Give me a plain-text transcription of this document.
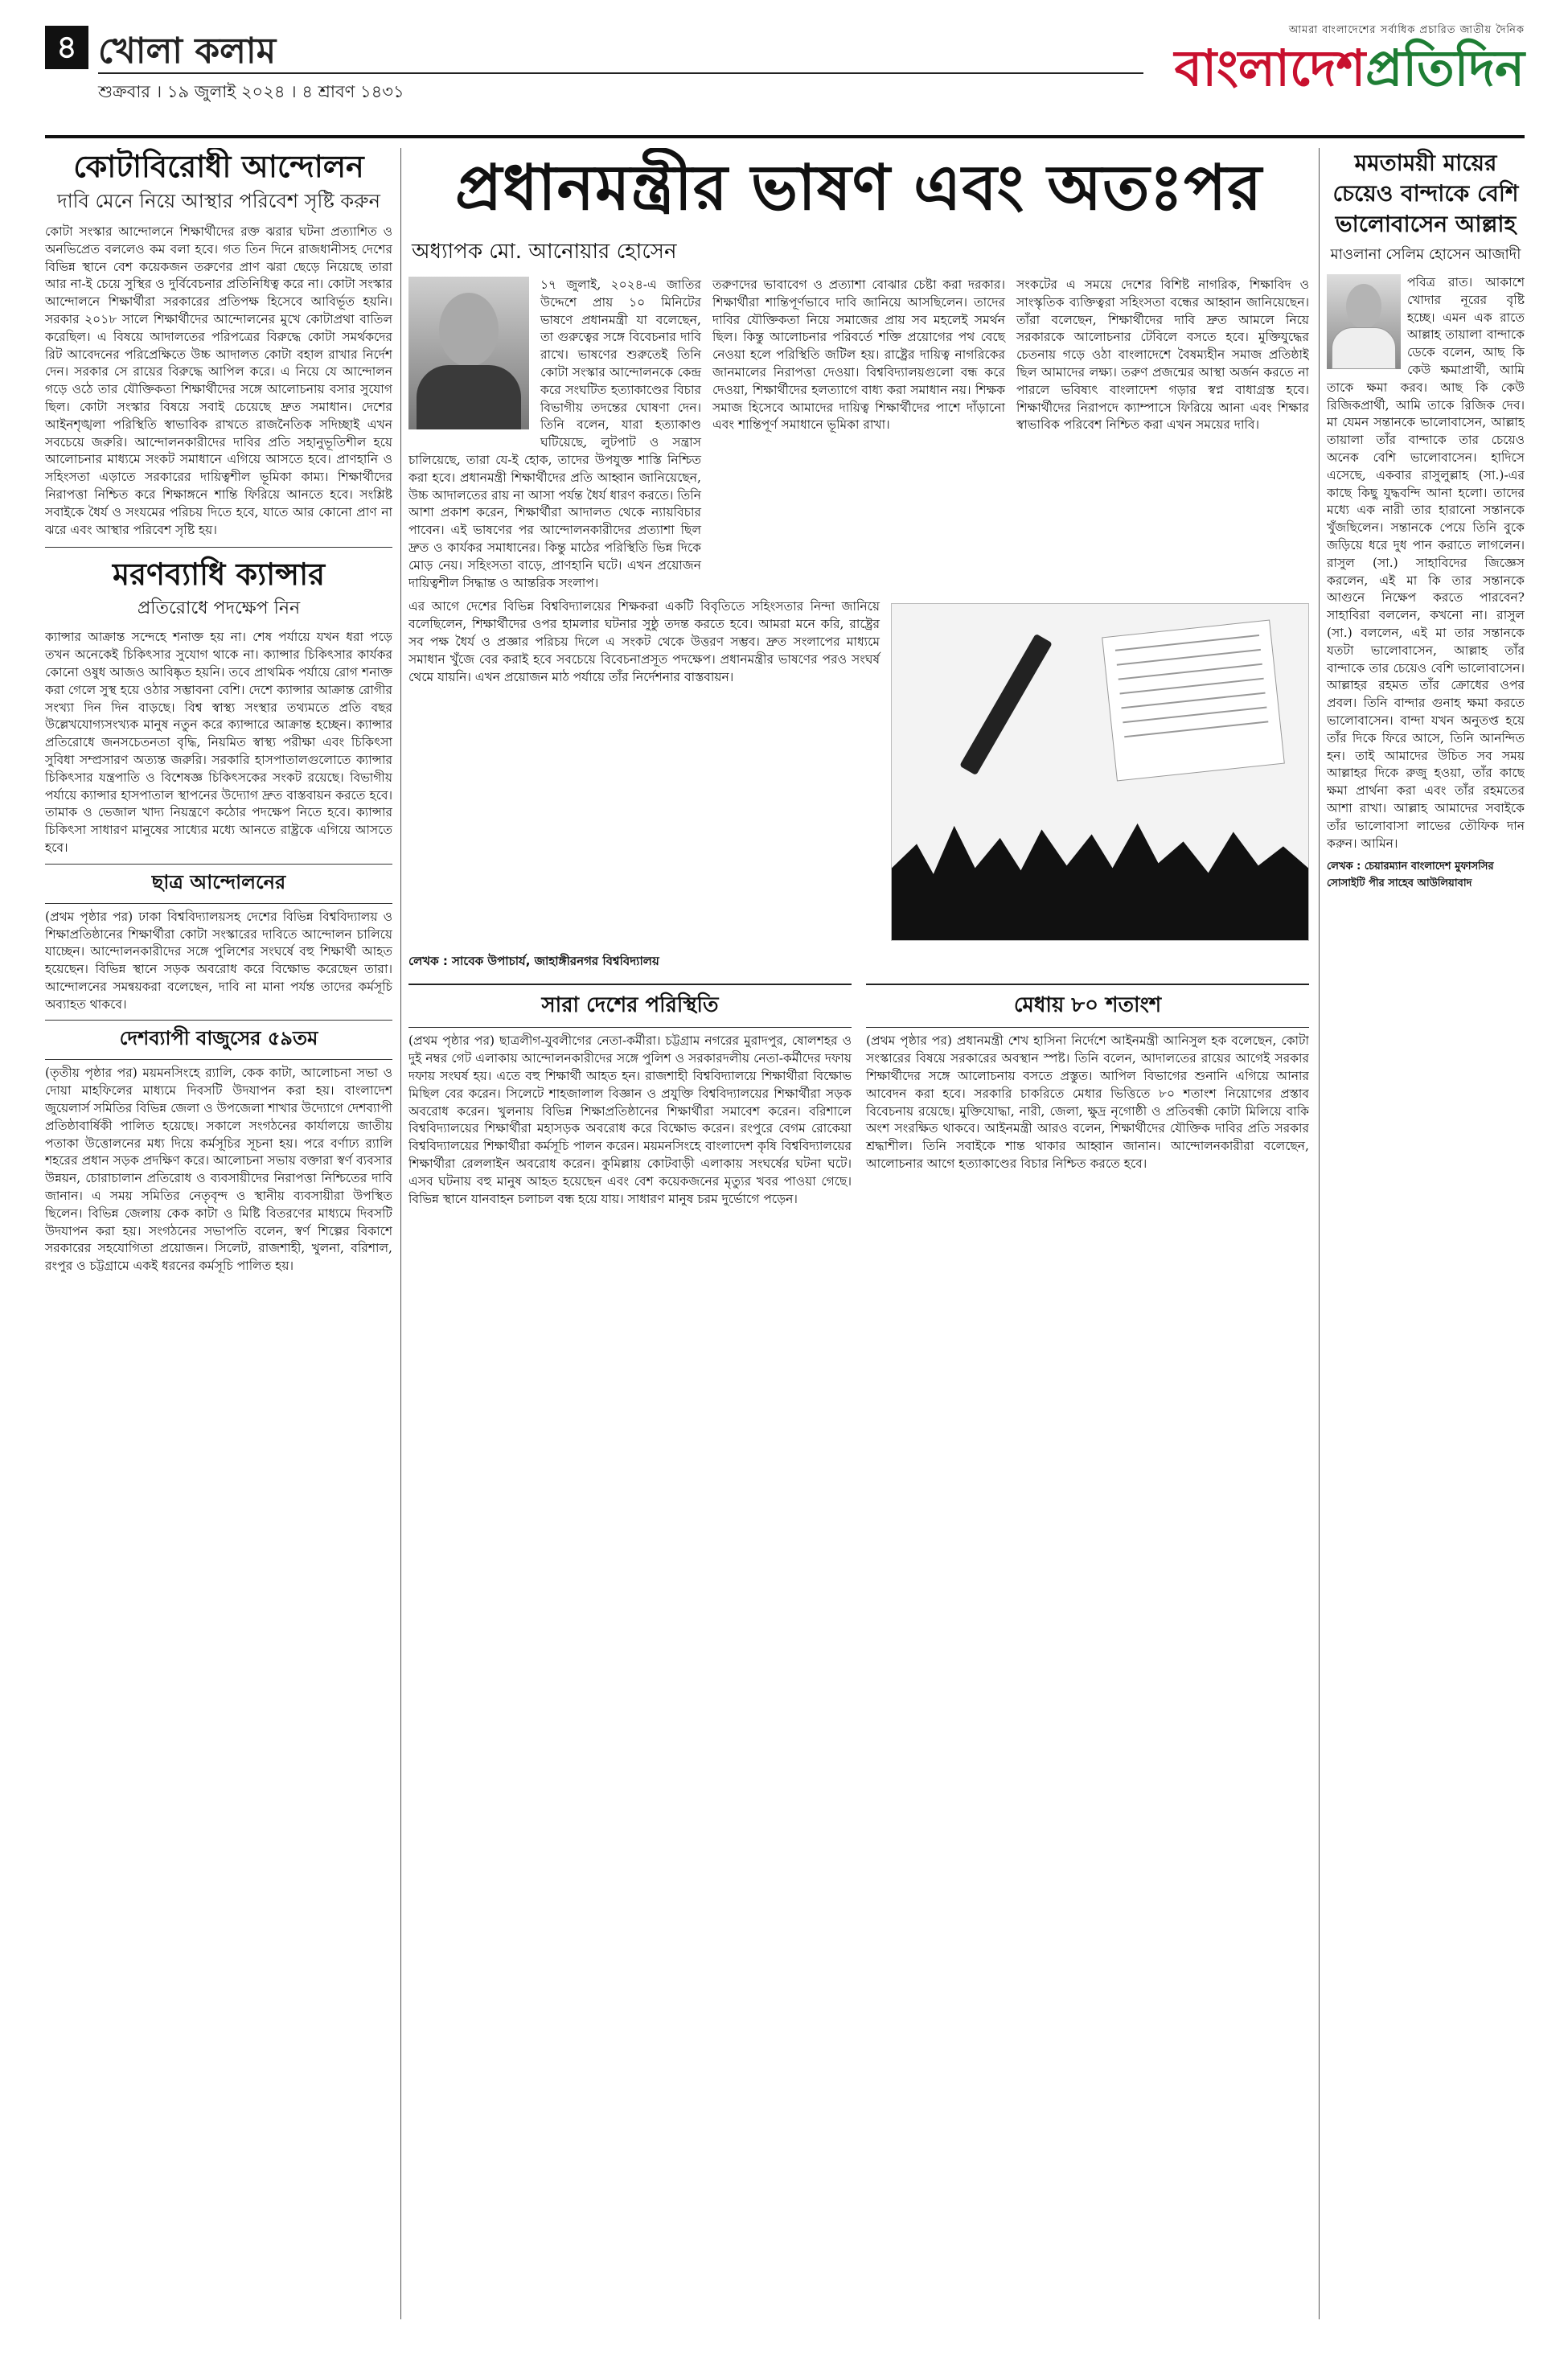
৪ খোলা কলাম
শুক্রবার । ১৯ জুলাই ২০২৪ । ৪ শ্রাবণ ১৪৩১
আমরা বাংলাদেশের সর্বাধিক প্রচারিত জাতীয় দৈনিক
বাংলাদেশপ্রতিদিন
কোটাবিরোধী আন্দোলন
দাবি মেনে নিয়ে আস্থার পরিবেশ সৃষ্টি করুন

কোটা সংস্কার আন্দোলনে শিক্ষার্থীদের রক্ত ঝরার ঘটনা প্রত্যাশিত ও অনভিপ্রেত বললেও কম বলা হবে। গত তিন দিনে রাজধানীসহ দেশের বিভিন্ন স্থানে বেশ কয়েকজন তরুণের প্রাণ ঝরা ছেড়ে নিয়েছে তারা আর না-ই চেয়ে সুস্থির ও দুর্বিবেচনার প্রতিনিধিত্ব করে না। কোটা সংস্কার আন্দোলনে শিক্ষার্থীরা সরকারের প্রতিপক্ষ হিসেবে আবির্ভূত হয়নি। সরকার ২০১৮ সালে শিক্ষার্থীদের আন্দোলনের মুখে কোটাপ্রথা বাতিল করেছিল। এ বিষয়ে আদালতের পরিপত্রের বিরুদ্ধে কোটা সমর্থকদের রিট আবেদনের পরিপ্রেক্ষিতে উচ্চ আদালত কোটা বহাল রাখার নির্দেশ দেন। সরকার সে রায়ের বিরুদ্ধে আপিল করে। এ নিয়ে যে আন্দোলন গড়ে ওঠে তার যৌক্তিকতা শিক্ষার্থীদের সঙ্গে আলোচনায় বসার সুযোগ ছিল। কোটা সংস্কার বিষয়ে সবাই চেয়েছে দ্রুত সমাধান। দেশের আইনশৃঙ্খলা পরিস্থিতি স্বাভাবিক রাখতে রাজনৈতিক সদিচ্ছাই এখন সবচেয়ে জরুরি। আন্দোলনকারীদের দাবির প্রতি সহানুভূতিশীল হয়ে আলোচনার মাধ্যমে সংকট সমাধানে এগিয়ে আসতে হবে। প্রাণহানি ও সহিংসতা এড়াতে সরকারের দায়িত্বশীল ভূমিকা কাম্য। শিক্ষার্থীদের নিরাপত্তা নিশ্চিত করে শিক্ষাঙ্গনে শান্তি ফিরিয়ে আনতে হবে। সংশ্লিষ্ট সবাইকে ধৈর্য ও সংযমের পরিচয় দিতে হবে, যাতে আর কোনো প্রাণ না ঝরে এবং আস্থার পরিবেশ সৃষ্টি হয়।

মরণব্যাধি ক্যান্সার
প্রতিরোধে পদক্ষেপ নিন

ক্যান্সার আক্রান্ত সন্দেহে শনাক্ত হয় না। শেষ পর্যায়ে যখন ধরা পড়ে তখন অনেকেই চিকিৎসার সুযোগ থাকে না। ক্যান্সার চিকিৎসার কার্যকর কোনো ওষুধ আজও আবিষ্কৃত হয়নি। তবে প্রাথমিক পর্যায়ে রোগ শনাক্ত করা গেলে সুস্থ হয়ে ওঠার সম্ভাবনা বেশি। দেশে ক্যান্সার আক্রান্ত রোগীর সংখ্যা দিন দিন বাড়ছে। বিশ্ব স্বাস্থ্য সংস্থার তথ্যমতে প্রতি বছর উল্লেখযোগ্যসংখ্যক মানুষ নতুন করে ক্যান্সারে আক্রান্ত হচ্ছেন। ক্যান্সার প্রতিরোধে জনসচেতনতা বৃদ্ধি, নিয়মিত স্বাস্থ্য পরীক্ষা এবং চিকিৎসা সুবিধা সম্প্রসারণ অত্যন্ত জরুরি। সরকারি হাসপাতালগুলোতে ক্যান্সার চিকিৎসার যন্ত্রপাতি ও বিশেষজ্ঞ চিকিৎসকের সংকট রয়েছে। বিভাগীয় পর্যায়ে ক্যান্সার হাসপাতাল স্থাপনের উদ্যোগ দ্রুত বাস্তবায়ন করতে হবে। তামাক ও ভেজাল খাদ্য নিয়ন্ত্রণে কঠোর পদক্ষেপ নিতে হবে। ক্যান্সার চিকিৎসা সাধারণ মানুষের সাধ্যের মধ্যে আনতে রাষ্ট্রকে এগিয়ে আসতে হবে।

ছাত্র আন্দোলনের

(প্রথম পৃষ্ঠার পর) ঢাকা বিশ্ববিদ্যালয়সহ দেশের বিভিন্ন বিশ্ববিদ্যালয় ও শিক্ষাপ্রতিষ্ঠানের শিক্ষার্থীরা কোটা সংস্কারের দাবিতে আন্দোলন চালিয়ে যাচ্ছেন। আন্দোলনকারীদের সঙ্গে পুলিশের সংঘর্ষে বহু শিক্ষার্থী আহত হয়েছেন। বিভিন্ন স্থানে সড়ক অবরোধ করে বিক্ষোভ করেছেন তারা। আন্দোলনের সমন্বয়করা বলেছেন, দাবি না মানা পর্যন্ত তাদের কর্মসূচি অব্যাহত থাকবে।

দেশব্যাপী বাজুসের ৫৯তম

(তৃতীয় পৃষ্ঠার পর) ময়মনসিংহে র‌্যালি, কেক কাটা, আলোচনা সভা ও দোয়া মাহফিলের মাধ্যমে দিবসটি উদযাপন করা হয়। বাংলাদেশ জুয়েলার্স সমিতির বিভিন্ন জেলা ও উপজেলা শাখার উদ্যোগে দেশব্যাপী প্রতিষ্ঠাবার্ষিকী পালিত হয়েছে। সকালে সংগঠনের কার্যালয়ে জাতীয় পতাকা উত্তোলনের মধ্য দিয়ে কর্মসূচির সূচনা হয়। পরে বর্ণাঢ্য র‌্যালি শহরের প্রধান সড়ক প্রদক্ষিণ করে। আলোচনা সভায় বক্তারা স্বর্ণ ব্যবসার উন্নয়ন, চোরাচালান প্রতিরোধ ও ব্যবসায়ীদের নিরাপত্তা নিশ্চিতের দাবি জানান। এ সময় সমিতির নেতৃবৃন্দ ও স্থানীয় ব্যবসায়ীরা উপস্থিত ছিলেন। বিভিন্ন জেলায় কেক কাটা ও মিষ্টি বিতরণের মাধ্যমে দিবসটি উদযাপন করা হয়। সংগঠনের সভাপতি বলেন, স্বর্ণ শিল্পের বিকাশে সরকারের সহযোগিতা প্রয়োজন। সিলেট, রাজশাহী, খুলনা, বরিশাল, রংপুর ও চট্টগ্রামে একই ধরনের কর্মসূচি পালিত হয়।

প্রধানমন্ত্রীর ভাষণ এবং অতঃপর
অধ্যাপক মো. আনোয়ার হোসেন

১৭ জুলাই, ২০২৪-এ জাতির উদ্দেশে প্রায় ১০ মিনিটের ভাষণে প্রধানমন্ত্রী যা বলেছেন, তা গুরুত্বের সঙ্গে বিবেচনার দাবি রাখে। ভাষণের শুরুতেই তিনি কোটা সংস্কার আন্দোলনকে কেন্দ্র করে সংঘটিত হত্যাকাণ্ডের বিচার বিভাগীয় তদন্তের ঘোষণা দেন। তিনি বলেন, যারা হত্যাকাণ্ড ঘটিয়েছে, লুটপাট ও সন্ত্রাস চালিয়েছে, তারা যে-ই হোক, তাদের উপযুক্ত শাস্তি নিশ্চিত করা হবে। প্রধানমন্ত্রী শিক্ষার্থীদের প্রতি আহ্বান জানিয়েছেন, উচ্চ আদালতের রায় না আসা পর্যন্ত ধৈর্য ধারণ করতে। তিনি আশা প্রকাশ করেন, শিক্ষার্থীরা আদালত থেকে ন্যায়বিচার পাবেন। এই ভাষণের পর আন্দোলনকারীদের প্রত্যাশা ছিল দ্রুত ও কার্যকর সমাধানের। কিন্তু মাঠের পরিস্থিতি ভিন্ন দিকে মোড় নেয়। সহিংসতা বাড়ে, প্রাণহানি ঘটে। এখন প্রয়োজন দায়িত্বশীল সিদ্ধান্ত ও আন্তরিক সংলাপ।

তরুণদের ভাবাবেগ ও প্রত্যাশা বোঝার চেষ্টা করা দরকার। শিক্ষার্থীরা শান্তিপূর্ণভাবে দাবি জানিয়ে আসছিলেন। তাদের দাবির যৌক্তিকতা নিয়ে সমাজের প্রায় সব মহলেই সমর্থন ছিল। কিন্তু আলোচনার পরিবর্তে শক্তি প্রয়োগের পথ বেছে নেওয়া হলে পরিস্থিতি জটিল হয়। রাষ্ট্রের দায়িত্ব নাগরিকের জানমালের নিরাপত্তা দেওয়া। বিশ্ববিদ্যালয়গুলো বন্ধ করে দেওয়া, শিক্ষার্থীদের হলত্যাগে বাধ্য করা সমাধান নয়। শিক্ষক সমাজ হিসেবে আমাদের দায়িত্ব শিক্ষার্থীদের পাশে দাঁড়ানো এবং শান্তিপূর্ণ সমাধানে ভূমিকা রাখা।

সংকটের এ সময়ে দেশের বিশিষ্ট নাগরিক, শিক্ষাবিদ ও সাংস্কৃতিক ব্যক্তিত্বরা সহিংসতা বন্ধের আহ্বান জানিয়েছেন। তাঁরা বলেছেন, শিক্ষার্থীদের দাবি দ্রুত আমলে নিয়ে সরকারকে আলোচনার টেবিলে বসতে হবে। মুক্তিযুদ্ধের চেতনায় গড়ে ওঠা বাংলাদেশে বৈষম্যহীন সমাজ প্রতিষ্ঠাই ছিল আমাদের লক্ষ্য। তরুণ প্রজন্মের আস্থা অর্জন করতে না পারলে ভবিষ্যৎ বাংলাদেশ গড়ার স্বপ্ন বাধাগ্রস্ত হবে। শিক্ষার্থীদের নিরাপদে ক্যাম্পাসে ফিরিয়ে আনা এবং শিক্ষার স্বাভাবিক পরিবেশ নিশ্চিত করা এখন সময়ের দাবি।

এর আগে দেশের বিভিন্ন বিশ্ববিদ্যালয়ের শিক্ষকরা একটি বিবৃতিতে সহিংসতার নিন্দা জানিয়ে বলেছিলেন, শিক্ষার্থীদের ওপর হামলার ঘটনার সুষ্ঠু তদন্ত করতে হবে। আমরা মনে করি, রাষ্ট্রের সব পক্ষ ধৈর্য ও প্রজ্ঞার পরিচয় দিলে এ সংকট থেকে উত্তরণ সম্ভব। দ্রুত সংলাপের মাধ্যমে সমাধান খুঁজে বের করাই হবে সবচেয়ে বিবেচনাপ্রসূত পদক্ষেপ। প্রধানমন্ত্রীর ভাষণের পরও সংঘর্ষ থেমে যায়নি। এখন প্রয়োজন মাঠ পর্যায়ে তাঁর নির্দেশনার বাস্তবায়ন।

লেখক : সাবেক উপাচার্য, জাহাঙ্গীরনগর বিশ্ববিদ্যালয়
সারা দেশের পরিস্থিতি

(প্রথম পৃষ্ঠার পর) ছাত্রলীগ-যুবলীগের নেতা-কর্মীরা। চট্টগ্রাম নগরের মুরাদপুর, ষোলশহর ও দুই নম্বর গেট এলাকায় আন্দোলনকারীদের সঙ্গে পুলিশ ও সরকারদলীয় নেতা-কর্মীদের দফায় দফায় সংঘর্ষ হয়। এতে বহু শিক্ষার্থী আহত হন। রাজশাহী বিশ্ববিদ্যালয়ে শিক্ষার্থীরা বিক্ষোভ মিছিল বের করেন। সিলেটে শাহজালাল বিজ্ঞান ও প্রযুক্তি বিশ্ববিদ্যালয়ের শিক্ষার্থীরা সড়ক অবরোধ করেন। খুলনায় বিভিন্ন শিক্ষাপ্রতিষ্ঠানের শিক্ষার্থীরা সমাবেশ করেন। বরিশালে বিশ্ববিদ্যালয়ের শিক্ষার্থীরা মহাসড়ক অবরোধ করে বিক্ষোভ করেন। রংপুরে বেগম রোকেয়া বিশ্ববিদ্যালয়ের শিক্ষার্থীরা কর্মসূচি পালন করেন। ময়মনসিংহে বাংলাদেশ কৃষি বিশ্ববিদ্যালয়ের শিক্ষার্থীরা রেললাইন অবরোধ করেন। কুমিল্লায় কোটবাড়ী এলাকায় সংঘর্ষের ঘটনা ঘটে। এসব ঘটনায় বহু মানুষ আহত হয়েছেন এবং বেশ কয়েকজনের মৃত্যুর খবর পাওয়া গেছে। বিভিন্ন স্থানে যানবাহন চলাচল বন্ধ হয়ে যায়। সাধারণ মানুষ চরম দুর্ভোগে পড়েন।

মেধায় ৮০ শতাংশ

(প্রথম পৃষ্ঠার পর) প্রধানমন্ত্রী শেখ হাসিনা নির্দেশে আইনমন্ত্রী আনিসুল হক বলেছেন, কোটা সংস্কারের বিষয়ে সরকারের অবস্থান স্পষ্ট। তিনি বলেন, আদালতের রায়ের আগেই সরকার শিক্ষার্থীদের সঙ্গে আলোচনায় বসতে প্রস্তুত। আপিল বিভাগের শুনানি এগিয়ে আনার আবেদন করা হবে। সরকারি চাকরিতে মেধার ভিত্তিতে ৮০ শতাংশ নিয়োগের প্রস্তাব বিবেচনায় রয়েছে। মুক্তিযোদ্ধা, নারী, জেলা, ক্ষুদ্র নৃগোষ্ঠী ও প্রতিবন্ধী কোটা মিলিয়ে বাকি অংশ সংরক্ষিত থাকবে। আইনমন্ত্রী আরও বলেন, শিক্ষার্থীদের যৌক্তিক দাবির প্রতি সরকার শ্রদ্ধাশীল। তিনি সবাইকে শান্ত থাকার আহ্বান জানান। আন্দোলনকারীরা বলেছেন, আলোচনার আগে হত্যাকাণ্ডের বিচার নিশ্চিত করতে হবে।

মমতাময়ী মায়ের চেয়েও বান্দাকে বেশি ভালোবাসেন আল্লাহ
মাওলানা সেলিম হোসেন আজাদী

পবিত্র রাত। আকাশে খোদার নূরের বৃষ্টি হচ্ছে। এমন এক রাতে আল্লাহ তায়ালা বান্দাকে ডেকে বলেন, আছ কি কেউ ক্ষমাপ্রার্থী, আমি তাকে ক্ষমা করব। আছ কি কেউ রিজিকপ্রার্থী, আমি তাকে রিজিক দেব। মা যেমন সন্তানকে ভালোবাসেন, আল্লাহ তায়ালা তাঁর বান্দাকে তার চেয়েও অনেক বেশি ভালোবাসেন। হাদিসে এসেছে, একবার রাসুলুল্লাহ (সা.)-এর কাছে কিছু যুদ্ধবন্দি আনা হলো। তাদের মধ্যে এক নারী তার হারানো সন্তানকে খুঁজছিলেন। সন্তানকে পেয়ে তিনি বুকে জড়িয়ে ধরে দুধ পান করাতে লাগলেন। রাসুল (সা.) সাহাবিদের জিজ্ঞেস করলেন, এই মা কি তার সন্তানকে আগুনে নিক্ষেপ করতে পারবেন? সাহাবিরা বললেন, কখনো না। রাসুল (সা.) বললেন, এই মা তার সন্তানকে যতটা ভালোবাসেন, আল্লাহ তাঁর বান্দাকে তার চেয়েও বেশি ভালোবাসেন। আল্লাহর রহমত তাঁর ক্রোধের ওপর প্রবল। তিনি বান্দার গুনাহ ক্ষমা করতে ভালোবাসেন। বান্দা যখন অনুতপ্ত হয়ে তাঁর দিকে ফিরে আসে, তিনি আনন্দিত হন। তাই আমাদের উচিত সব সময় আল্লাহর দিকে রুজু হওয়া, তাঁর কাছে ক্ষমা প্রার্থনা করা এবং তাঁর রহমতের আশা রাখা। আল্লাহ আমাদের সবাইকে তাঁর ভালোবাসা লাভের তৌফিক দান করুন। আমিন।

লেখক : চেয়ারম্যান বাংলাদেশ মুফাসসির সোসাইটি পীর সাহেব আউলিয়াবাদ
